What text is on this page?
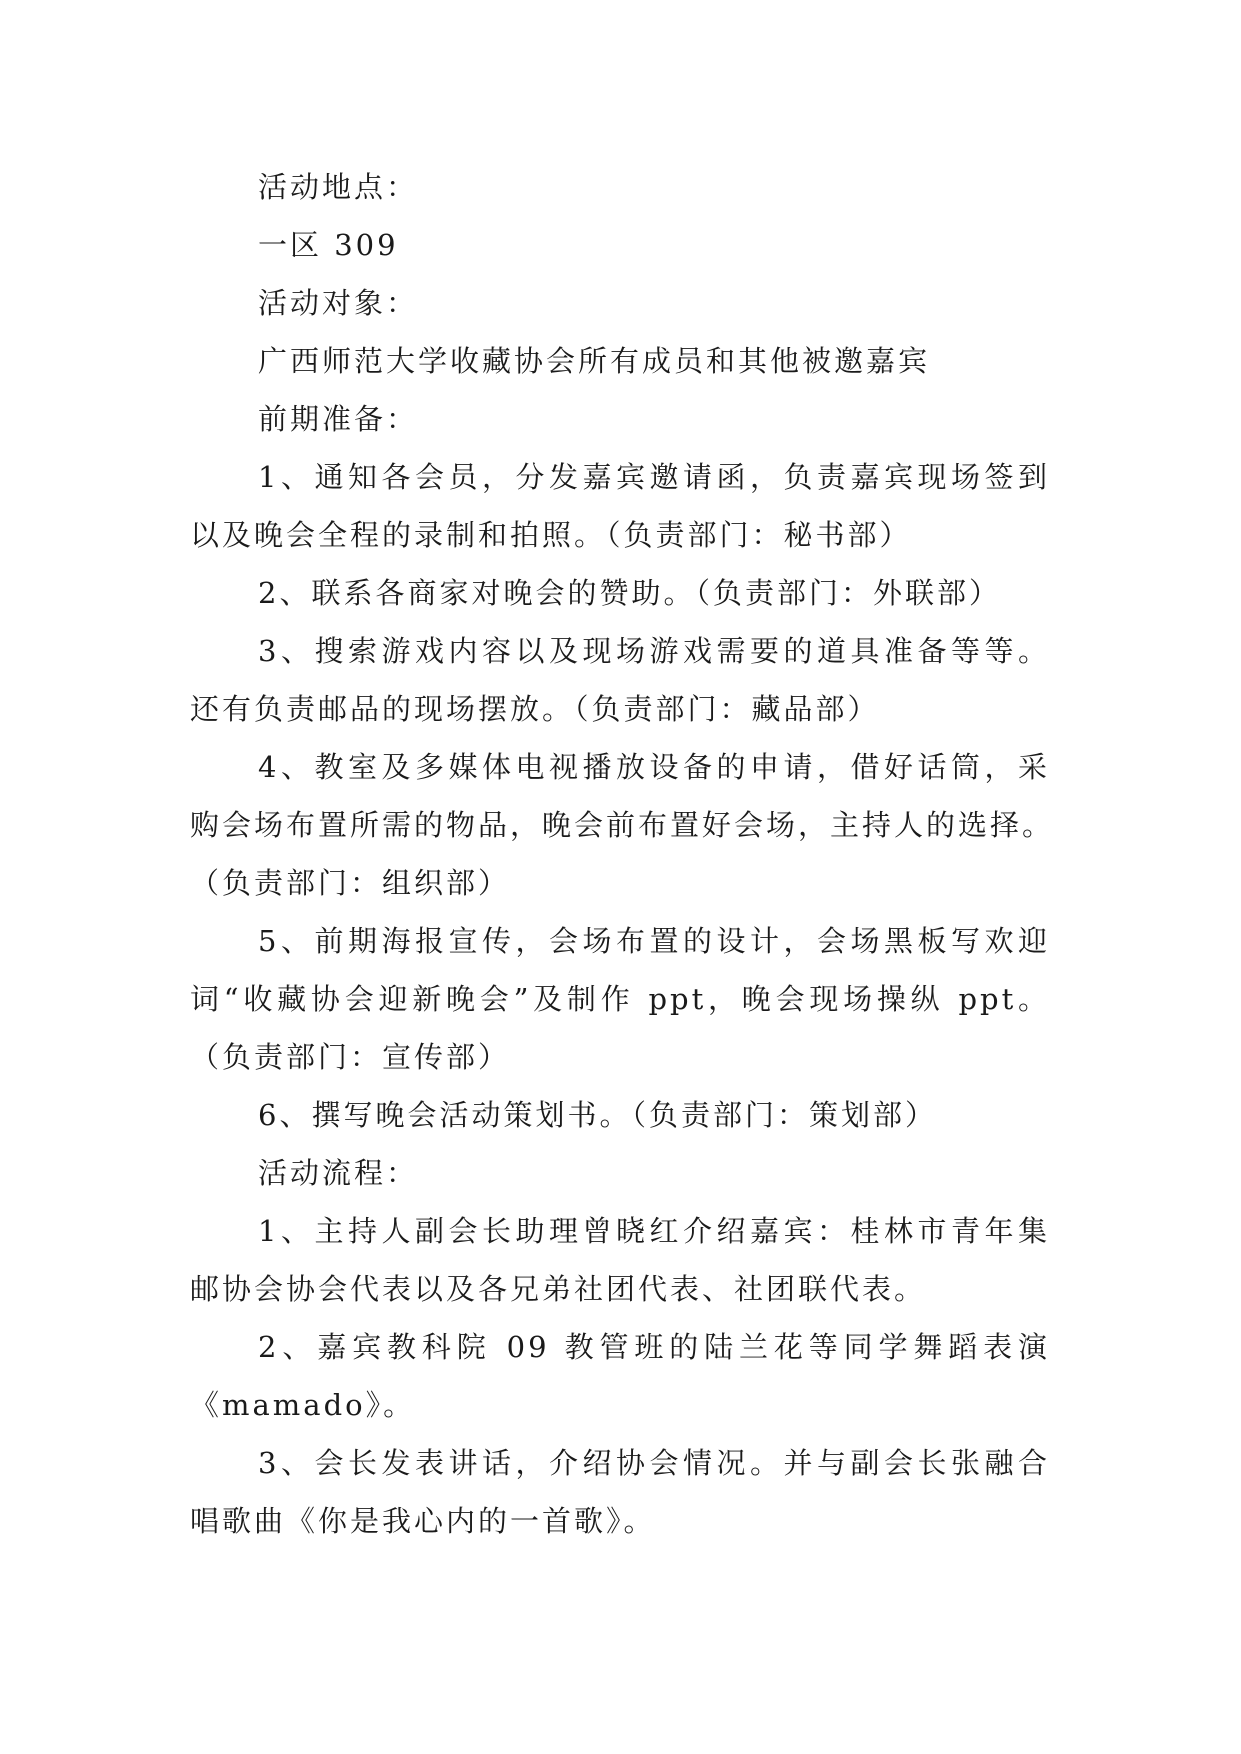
活动地点：
一区 309
活动对象：
广西师范大学收藏协会所有成员和其他被邀嘉宾
前期准备：
1、通知各会员，分发嘉宾邀请函，负责嘉宾现场签到
以及晚会全程的录制和拍照。（负责部门：秘书部）
2、联系各商家对晚会的赞助。（负责部门：外联部）
3、搜索游戏内容以及现场游戏需要的道具准备等等。
还有负责邮品的现场摆放。（负责部门：藏品部）
4、教室及多媒体电视播放设备的申请，借好话筒，采
购会场布置所需的物品，晚会前布置好会场，主持人的选择。
（负责部门：组织部）
5、前期海报宣传，会场布置的设计，会场黑板写欢迎
词“收藏协会迎新晚会”及制作 ppt，晚会现场操纵 ppt。
（负责部门：宣传部）
6、撰写晚会活动策划书。（负责部门：策划部）
活动流程：
1、主持人副会长助理曾晓红介绍嘉宾：桂林市青年集
邮协会协会代表以及各兄弟社团代表、社团联代表。
2、嘉宾教科院 09 教管班的陆兰花等同学舞蹈表演
《mamado》。
3、会长发表讲话，介绍协会情况。并与副会长张融合
唱歌曲《你是我心内的一首歌》。
